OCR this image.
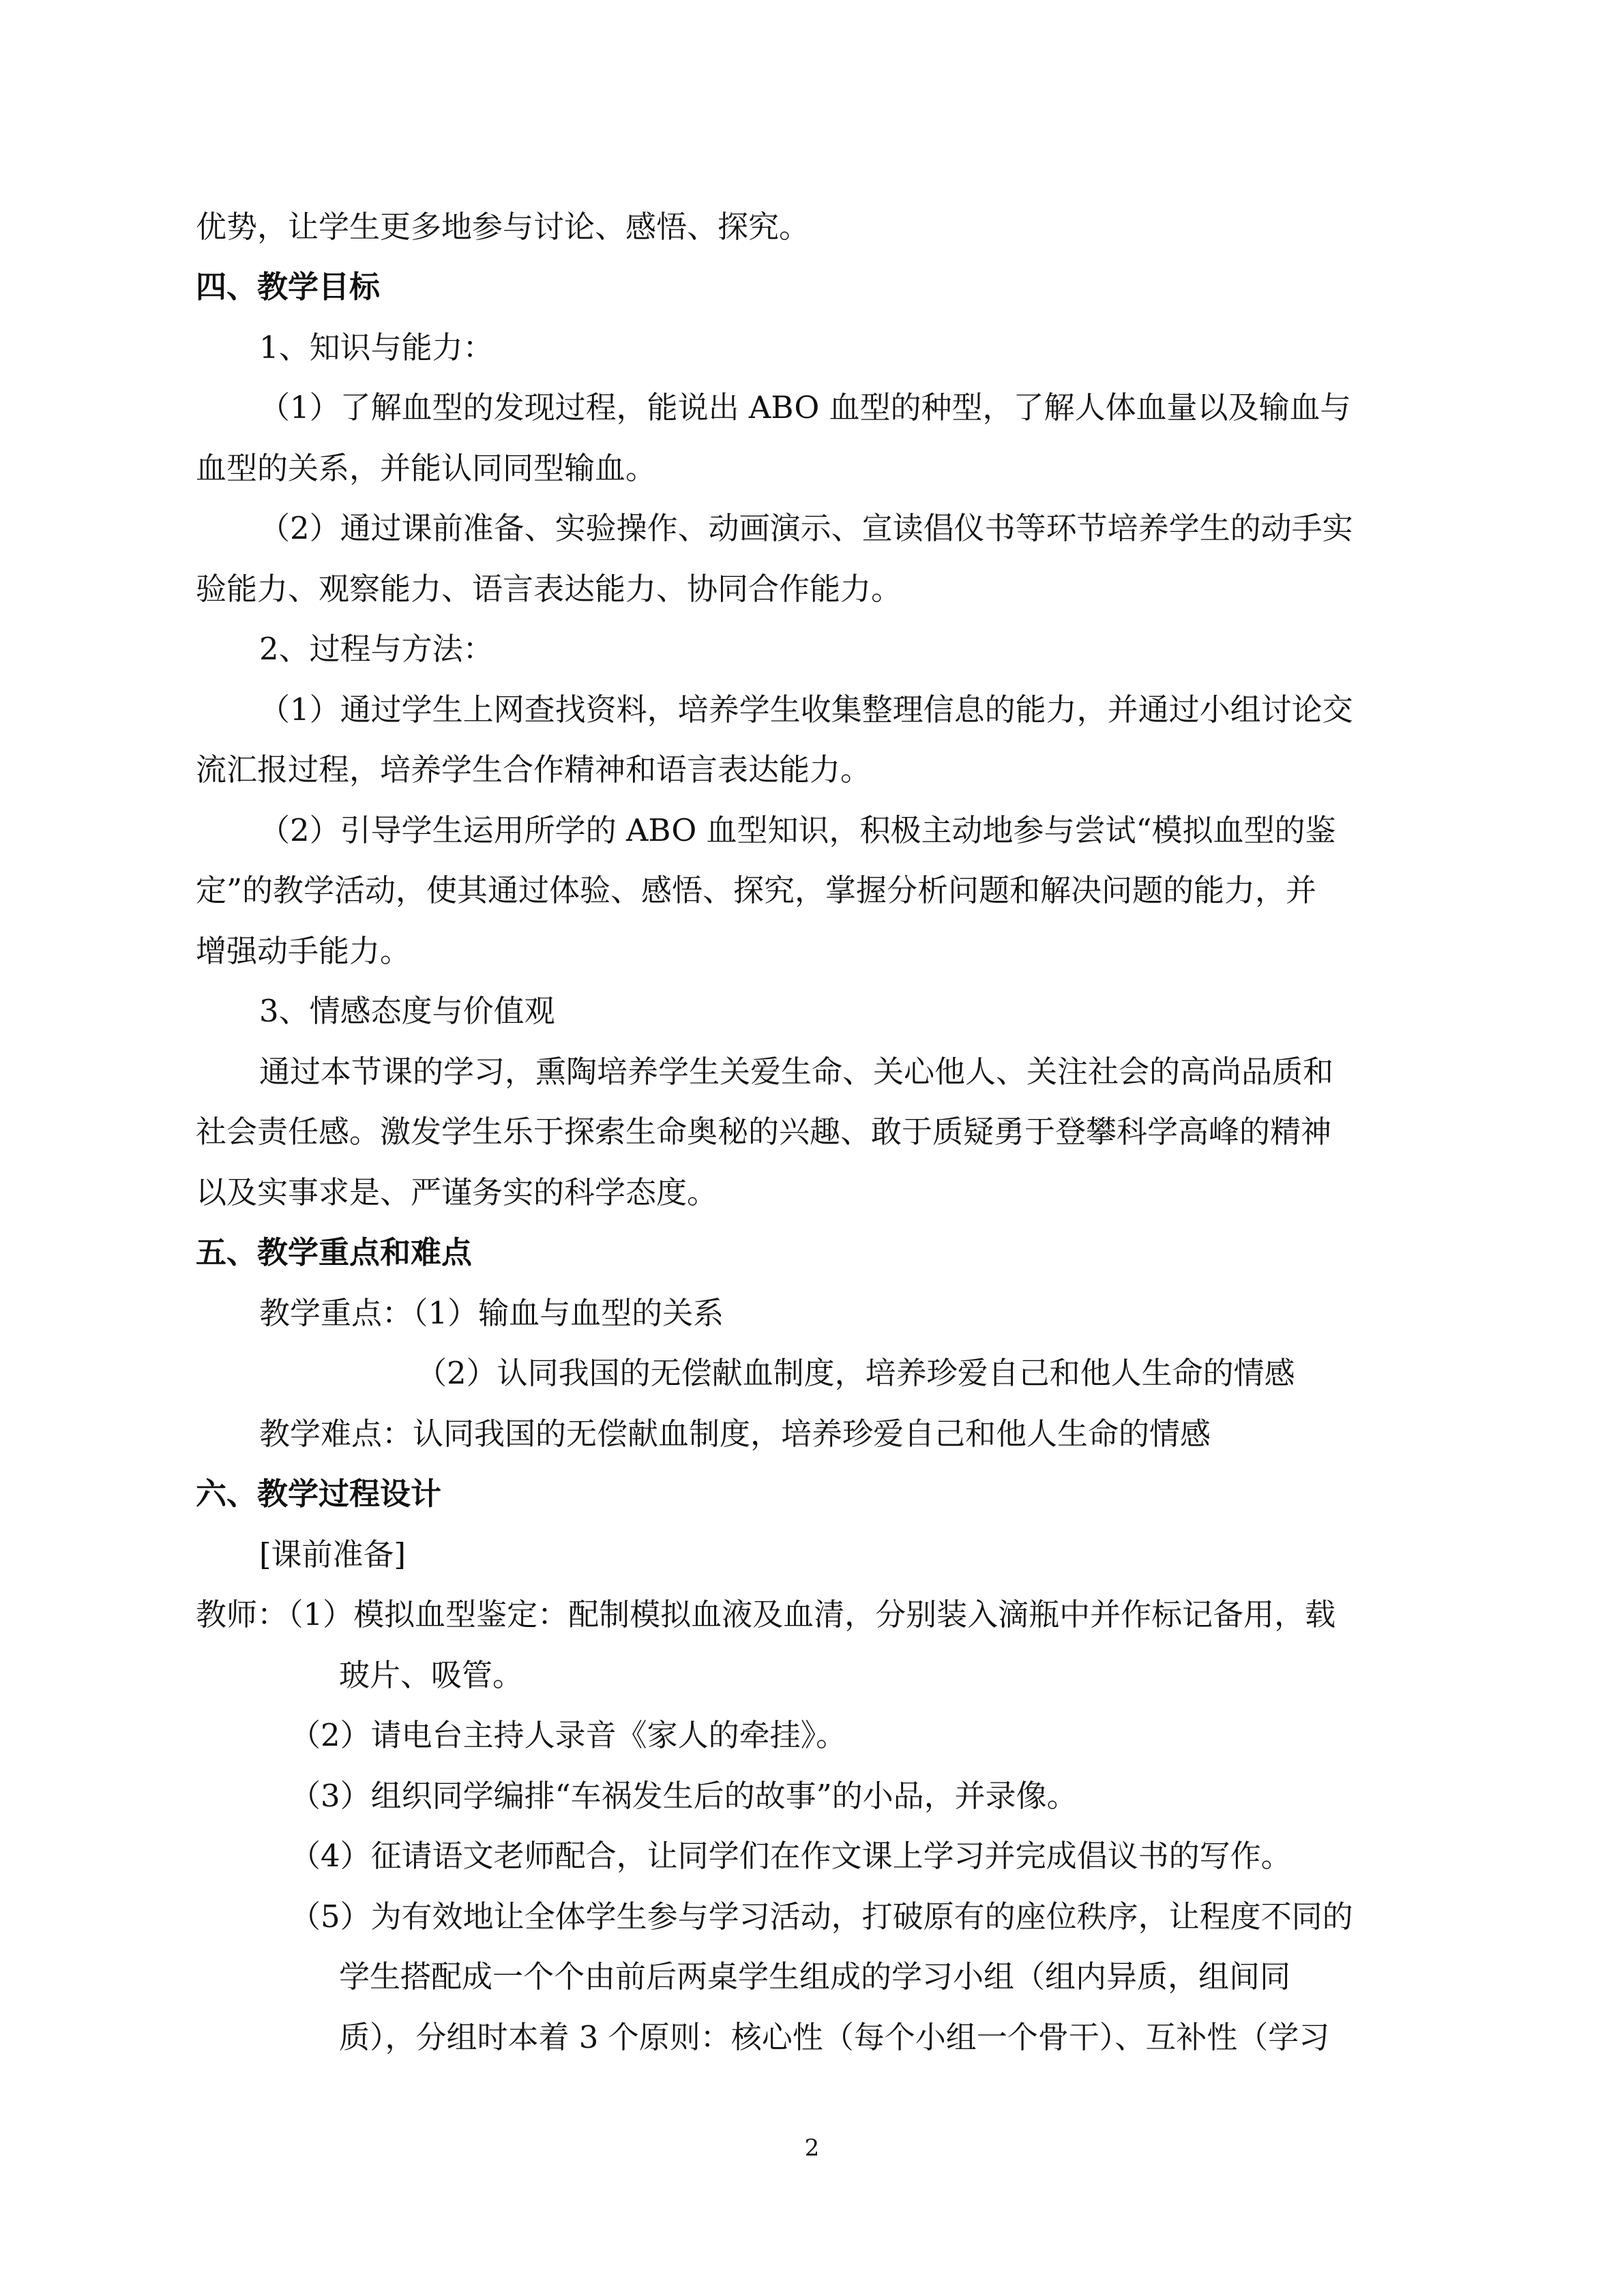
优势，让学生更多地参与讨论、感悟、探究。
四、教学目标
1、知识与能力：
（1）了解血型的发现过程，能说出 ABO 血型的种型，了解人体血量以及输血与
血型的关系，并能认同同型输血。
（2）通过课前准备、实验操作、动画演示、宣读倡仪书等环节培养学生的动手实
验能力、观察能力、语言表达能力、协同合作能力。
2、过程与方法：
（1）通过学生上网查找资料，培养学生收集整理信息的能力，并通过小组讨论交
流汇报过程，培养学生合作精神和语言表达能力。
（2）引导学生运用所学的 ABO 血型知识，积极主动地参与尝试“模拟血型的鉴
定”的教学活动，使其通过体验、感悟、探究，掌握分析问题和解决问题的能力，并
增强动手能力。
3、情感态度与价值观
通过本节课的学习，熏陶培养学生关爱生命、关心他人、关注社会的高尚品质和
社会责任感。激发学生乐于探索生命奥秘的兴趣、敢于质疑勇于登攀科学高峰的精神
以及实事求是、严谨务实的科学态度。
五、教学重点和难点
教学重点：（1）输血与血型的关系
（2）认同我国的无偿献血制度，培养珍爱自己和他人生命的情感
教学难点：认同我国的无偿献血制度，培养珍爱自己和他人生命的情感
六、教学过程设计
[课前准备]
教师：（1）模拟血型鉴定：配制模拟血液及血清，分别装入滴瓶中并作标记备用，载
玻片、吸管。
（2）请电台主持人录音《家人的牵挂》。
（3）组织同学编排“车祸发生后的故事”的小品，并录像。
（4）征请语文老师配合，让同学们在作文课上学习并完成倡议书的写作。
（5）为有效地让全体学生参与学习活动，打破原有的座位秩序，让程度不同的
学生搭配成一个个由前后两桌学生组成的学习小组（组内异质，组间同
质），分组时本着 3 个原则：核心性（每个小组一个骨干）、互补性（学习
2
